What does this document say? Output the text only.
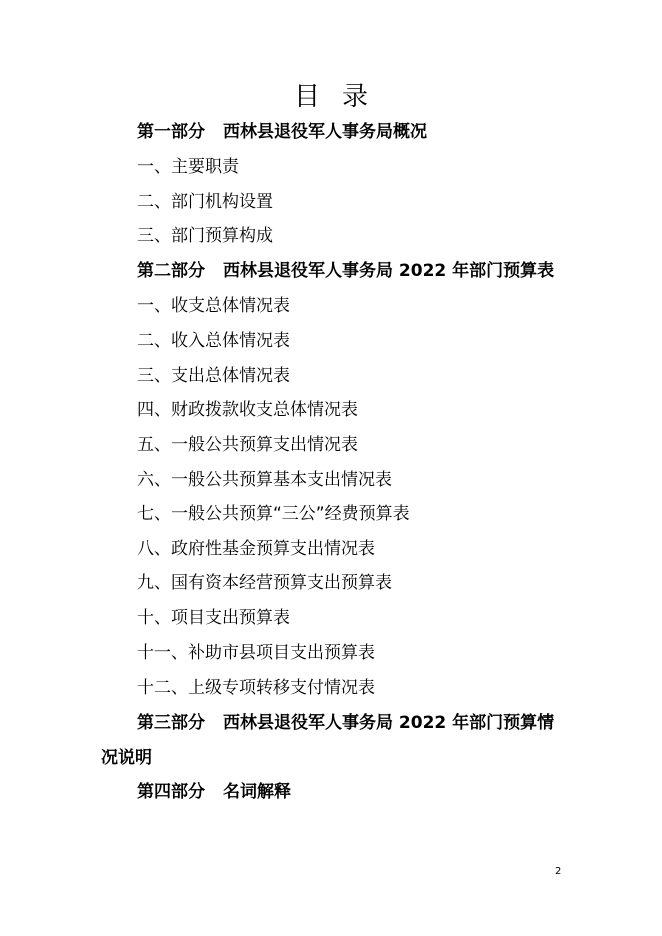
目录
第一部分 西林县退役军人事务局概况
一、主要职责
二、部门机构设置
三、部门预算构成
第二部分 西林县退役军人事务局 2022 年部门预算表
一、收支总体情况表
二、收入总体情况表
三、支出总体情况表
四、财政拨款收支总体情况表
五、一般公共预算支出情况表
六、一般公共预算基本支出情况表
七、一般公共预算“三公”经费预算表
八、政府性基金预算支出情况表
九、国有资本经营预算支出预算表
十、项目支出预算表
十一、补助市县项目支出预算表
十二、上级专项转移支付情况表
第三部分 西林县退役军人事务局 2022 年部门预算情
况说明
第四部分 名词解释
2
